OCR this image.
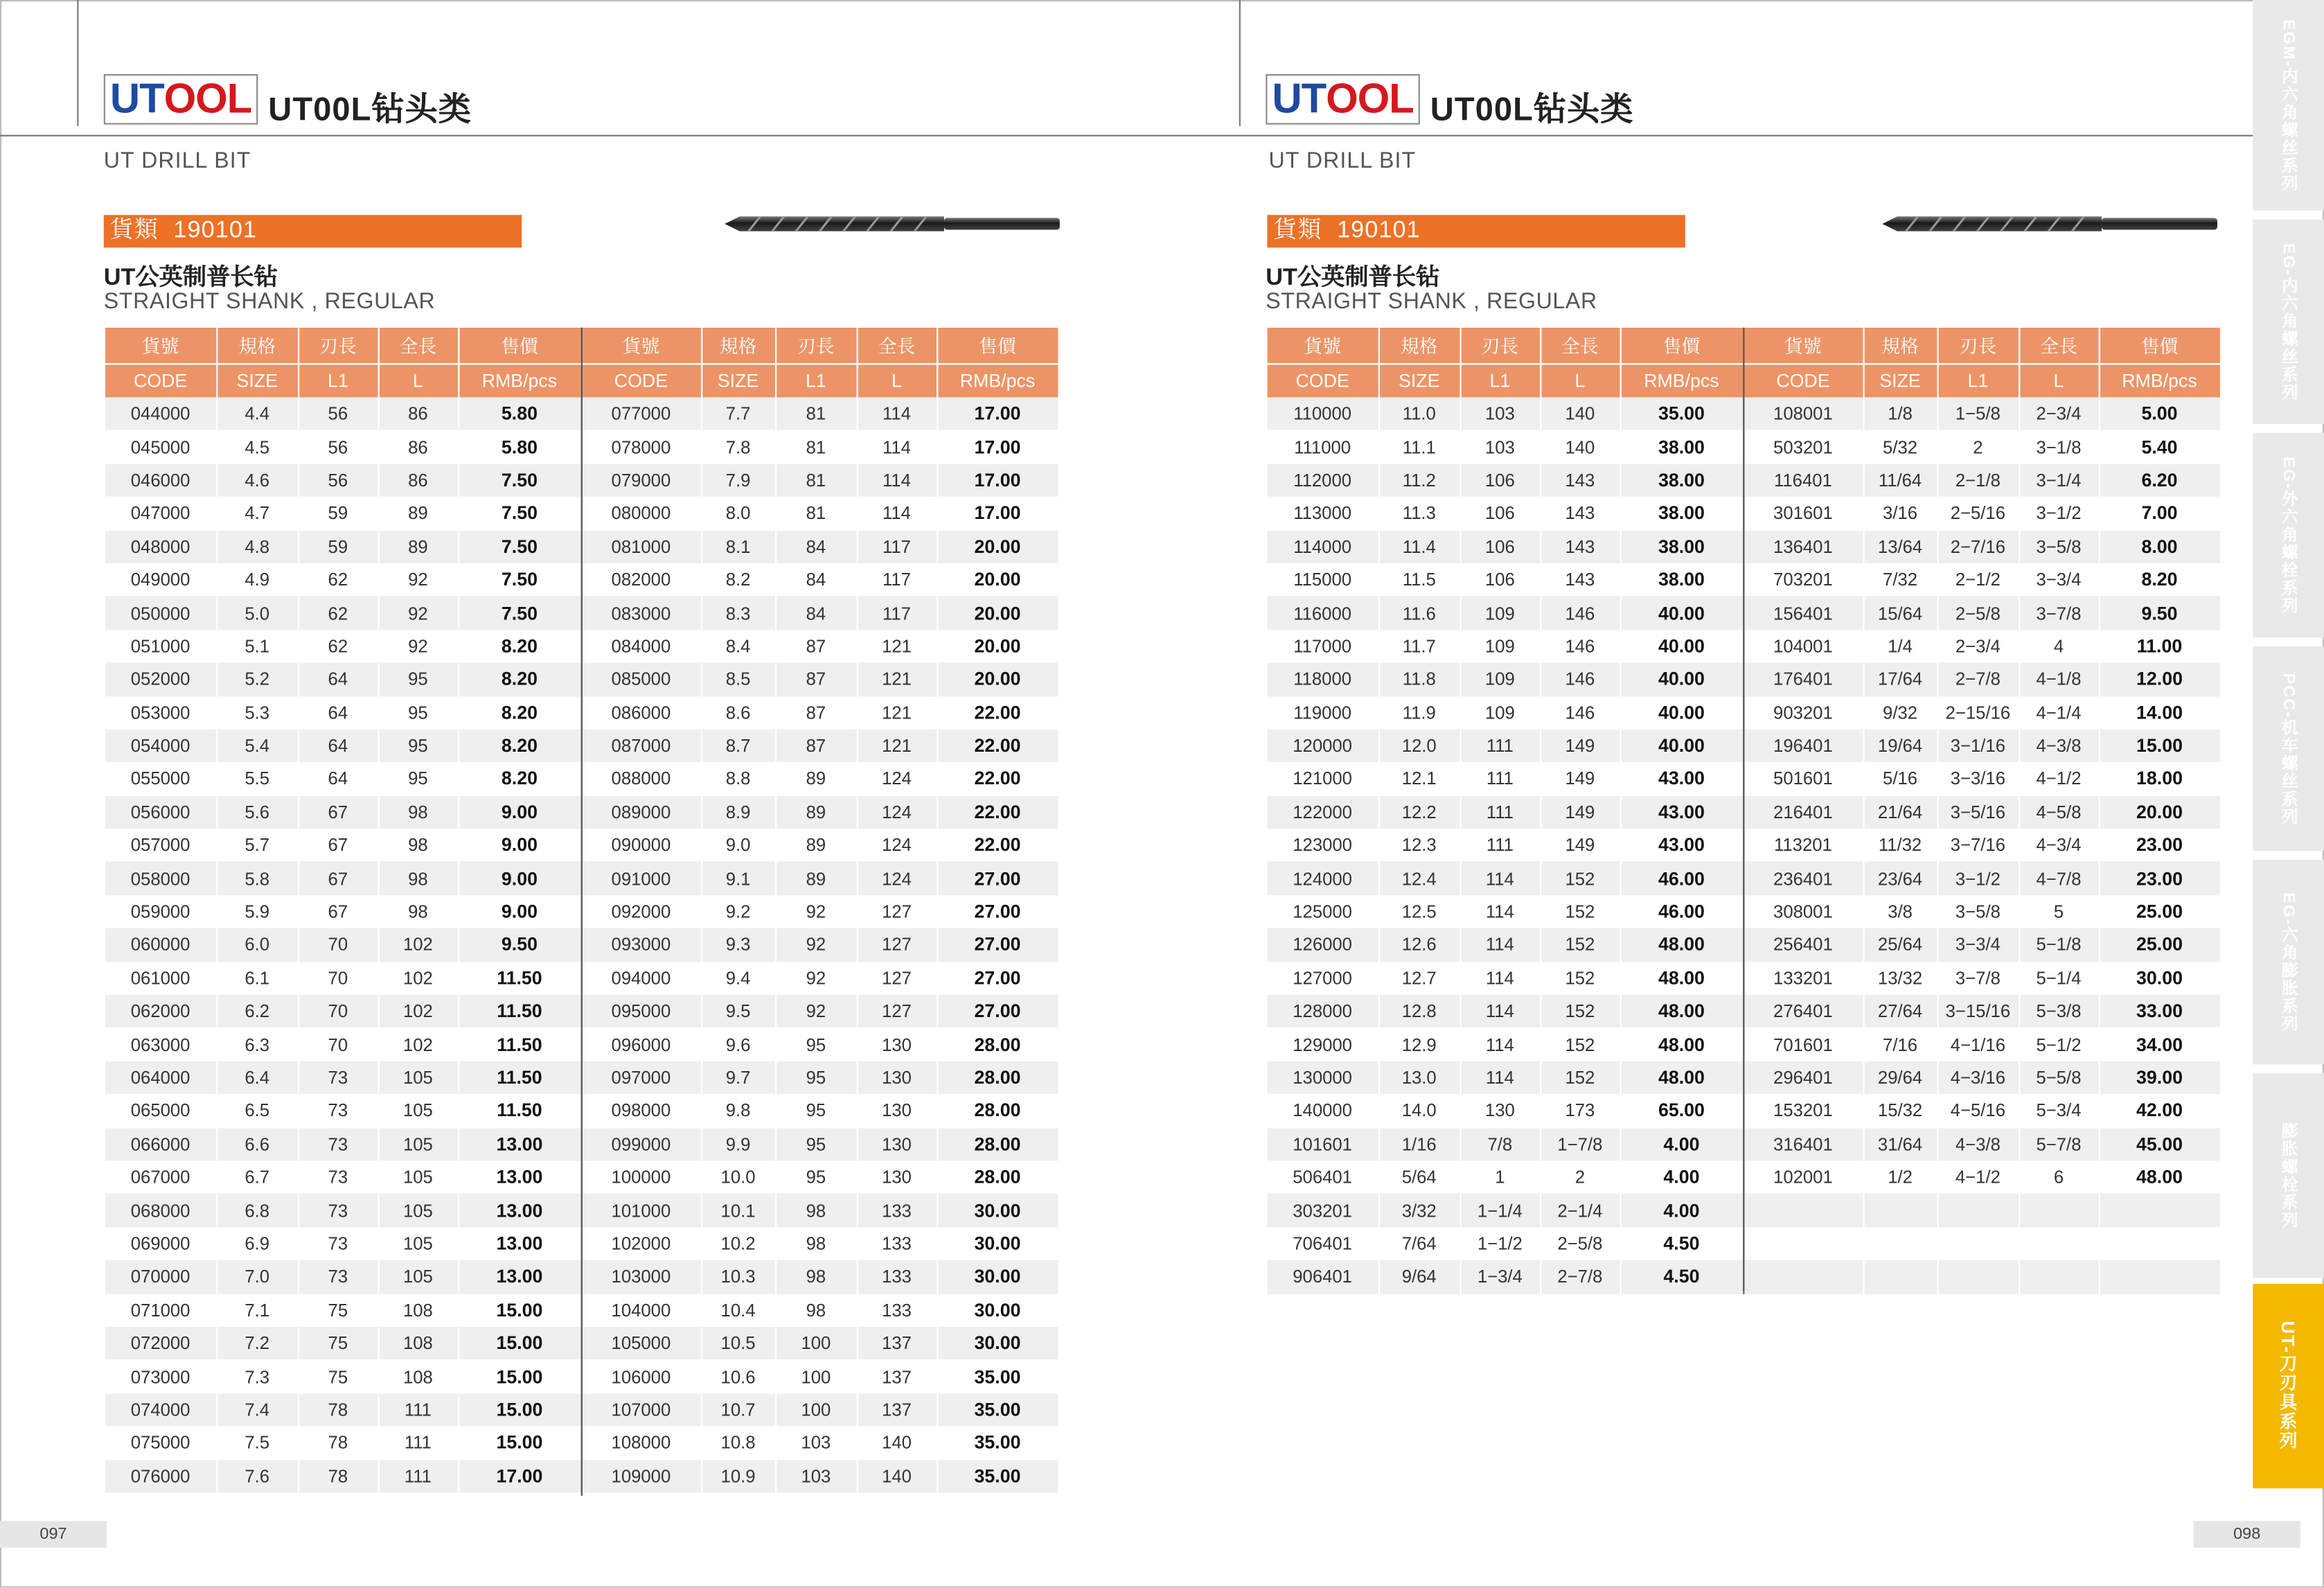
UT OOL UT00L钻头类
UT DRILL BIT
貨類 190101
UT公英制普长钻
STRAIGHT SHANK , REGULAR
貨號	規格	刃長	全長	售價	貨號	規格	刃長	全長	售價
CODE	SIZE	L1	L	RMB/pcs	CODE	SIZE	L1	L	RMB/pcs
044000	4.4	56	86	5.80	077000	7.7	81	114	17.00
045000	4.5	56	86	5.80	078000	7.8	81	114	17.00
046000	4.6	56	86	7.50	079000	7.9	81	114	17.00
047000	4.7	59	89	7.50	080000	8.0	81	114	17.00
048000	4.8	59	89	7.50	081000	8.1	84	117	20.00
049000	4.9	62	92	7.50	082000	8.2	84	117	20.00
050000	5.0	62	92	7.50	083000	8.3	84	117	20.00
051000	5.1	62	92	8.20	084000	8.4	87	121	20.00
052000	5.2	64	95	8.20	085000	8.5	87	121	20.00
053000	5.3	64	95	8.20	086000	8.6	87	121	22.00
054000	5.4	64	95	8.20	087000	8.7	87	121	22.00
055000	5.5	64	95	8.20	088000	8.8	89	124	22.00
056000	5.6	67	98	9.00	089000	8.9	89	124	22.00
057000	5.7	67	98	9.00	090000	9.0	89	124	22.00
058000	5.8	67	98	9.00	091000	9.1	89	124	27.00
059000	5.9	67	98	9.00	092000	9.2	92	127	27.00
060000	6.0	70	102	9.50	093000	9.3	92	127	27.00
061000	6.1	70	102	11.50	094000	9.4	92	127	27.00
062000	6.2	70	102	11.50	095000	9.5	92	127	27.00
063000	6.3	70	102	11.50	096000	9.6	95	130	28.00
064000	6.4	73	105	11.50	097000	9.7	95	130	28.00
065000	6.5	73	105	11.50	098000	9.8	95	130	28.00
066000	6.6	73	105	13.00	099000	9.9	95	130	28.00
067000	6.7	73	105	13.00	100000	10.0	95	130	28.00
068000	6.8	73	105	13.00	101000	10.1	98	133	30.00
069000	6.9	73	105	13.00	102000	10.2	98	133	30.00
070000	7.0	73	105	13.00	103000	10.3	98	133	30.00
071000	7.1	75	108	15.00	104000	10.4	98	133	30.00
072000	7.2	75	108	15.00	105000	10.5	100	137	30.00
073000	7.3	75	108	15.00	106000	10.6	100	137	35.00
074000	7.4	78	111	15.00	107000	10.7	100	137	35.00
075000	7.5	78	111	15.00	108000	10.8	103	140	35.00
076000	7.6	78	111	17.00	109000	10.9	103	140	35.00
097
UT OOL UT00L钻头类
UT DRILL BIT
貨類 190101
UT公英制普长钻
STRAIGHT SHANK , REGULAR
貨號	規格	刃長	全長	售價	貨號	規格	刃長	全長	售價
CODE	SIZE	L1	L	RMB/pcs	CODE	SIZE	L1	L	RMB/pcs
110000	11.0	103	140	35.00	108001	1/8	1−5/8	2−3/4	5.00
111000	11.1	103	140	38.00	503201	5/32	2	3−1/8	5.40
112000	11.2	106	143	38.00	116401	11/64	2−1/8	3−1/4	6.20
113000	11.3	106	143	38.00	301601	3/16	2−5/16	3−1/2	7.00
114000	11.4	106	143	38.00	136401	13/64	2−7/16	3−5/8	8.00
115000	11.5	106	143	38.00	703201	7/32	2−1/2	3−3/4	8.20
116000	11.6	109	146	40.00	156401	15/64	2−5/8	3−7/8	9.50
117000	11.7	109	146	40.00	104001	1/4	2−3/4	4	11.00
118000	11.8	109	146	40.00	176401	17/64	2−7/8	4−1/8	12.00
119000	11.9	109	146	40.00	903201	9/32	2−15/16	4−1/4	14.00
120000	12.0	111	149	40.00	196401	19/64	3−1/16	4−3/8	15.00
121000	12.1	111	149	43.00	501601	5/16	3−3/16	4−1/2	18.00
122000	12.2	111	149	43.00	216401	21/64	3−5/16	4−5/8	20.00
123000	12.3	111	149	43.00	113201	11/32	3−7/16	4−3/4	23.00
124000	12.4	114	152	46.00	236401	23/64	3−1/2	4−7/8	23.00
125000	12.5	114	152	46.00	308001	3/8	3−5/8	5	25.00
126000	12.6	114	152	48.00	256401	25/64	3−3/4	5−1/8	25.00
127000	12.7	114	152	48.00	133201	13/32	3−7/8	5−1/4	30.00
128000	12.8	114	152	48.00	276401	27/64	3−15/16	5−3/8	33.00
129000	12.9	114	152	48.00	701601	7/16	4−1/16	5−1/2	34.00
130000	13.0	114	152	48.00	296401	29/64	4−3/16	5−5/8	39.00
140000	14.0	130	173	65.00	153201	15/32	4−5/16	5−3/4	42.00
101601	1/16	7/8	1−7/8	4.00	316401	31/64	4−3/8	5−7/8	45.00
506401	5/64	1	2	4.00	102001	1/2	4−1/2	6	48.00
303201	3/32	1−1/4	2−1/4	4.00					
706401	7/64	1−1/2	2−5/8	4.50					
906401	9/64	1−3/4	2−7/8	4.50					
098
EGM-内六角螺丝系列
EG-内六角螺丝系列
EG-外六角螺栓系列
PCC-机车螺丝系列
EG-六角膨胀系列
膨胀螺栓系列
UT-刀刃具系列
